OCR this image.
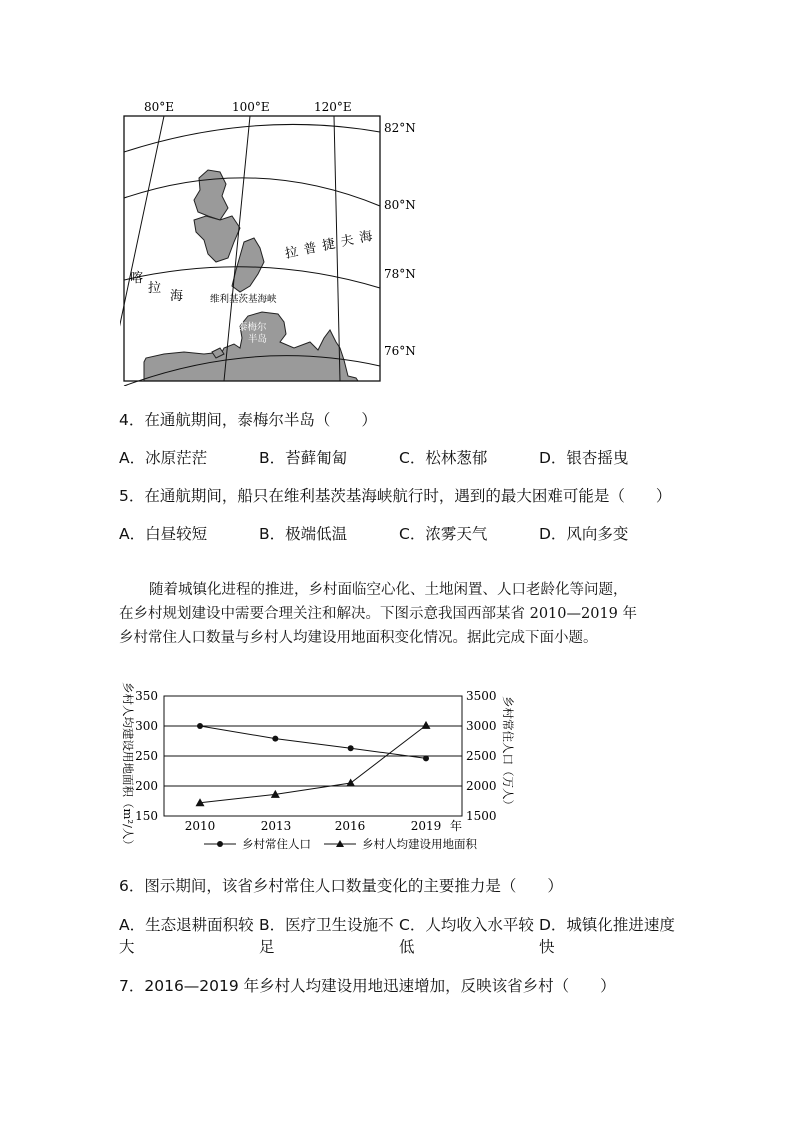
80°E	100°E	120°E
拉普捷夫海
喀
拉
海	维利基茨基海峡
泰梅尔
半岛
82°N
80°N
78°N
76°N
4．在通航期间，泰梅尔半岛（　　）
A．冰原茫茫	B．苔藓匍匐	C．松林葱郁	D．银杏摇曳
5．在通航期间，船只在维利基茨基海峡航行时，遇到的最大困难可能是（　　）
A．白昼较短	B．极端低温	C．浓雾天气	D．风向多变

随着城镇化进程的推进，乡村面临空心化、土地闲置、人口老龄化等问题，

在乡村规划建设中需要合理关注和解决。下图示意我国西部某省 2010—2019 年

乡村常住人口数量与乡村人均建设用地面积变化情况。据此完成下面小题。

乡村人均建设用地面积（m²/人）	乡村常住人口（万人）
350
300
250
200
150
3500
3000
2500
2000
1500
2010	2013	2016	2019 年
乡村常住人口	乡村人均建设用地面积
6．图示期间，该省乡村常住人口数量变化的主要推力是（　　）
A．生态退耕面积较大
B．医疗卫生设施不足
C．人均收入水平较低
D．城镇化推进速度快
7．2016—2019 年乡村人均建设用地迅速增加，反映该省乡村（　　）
